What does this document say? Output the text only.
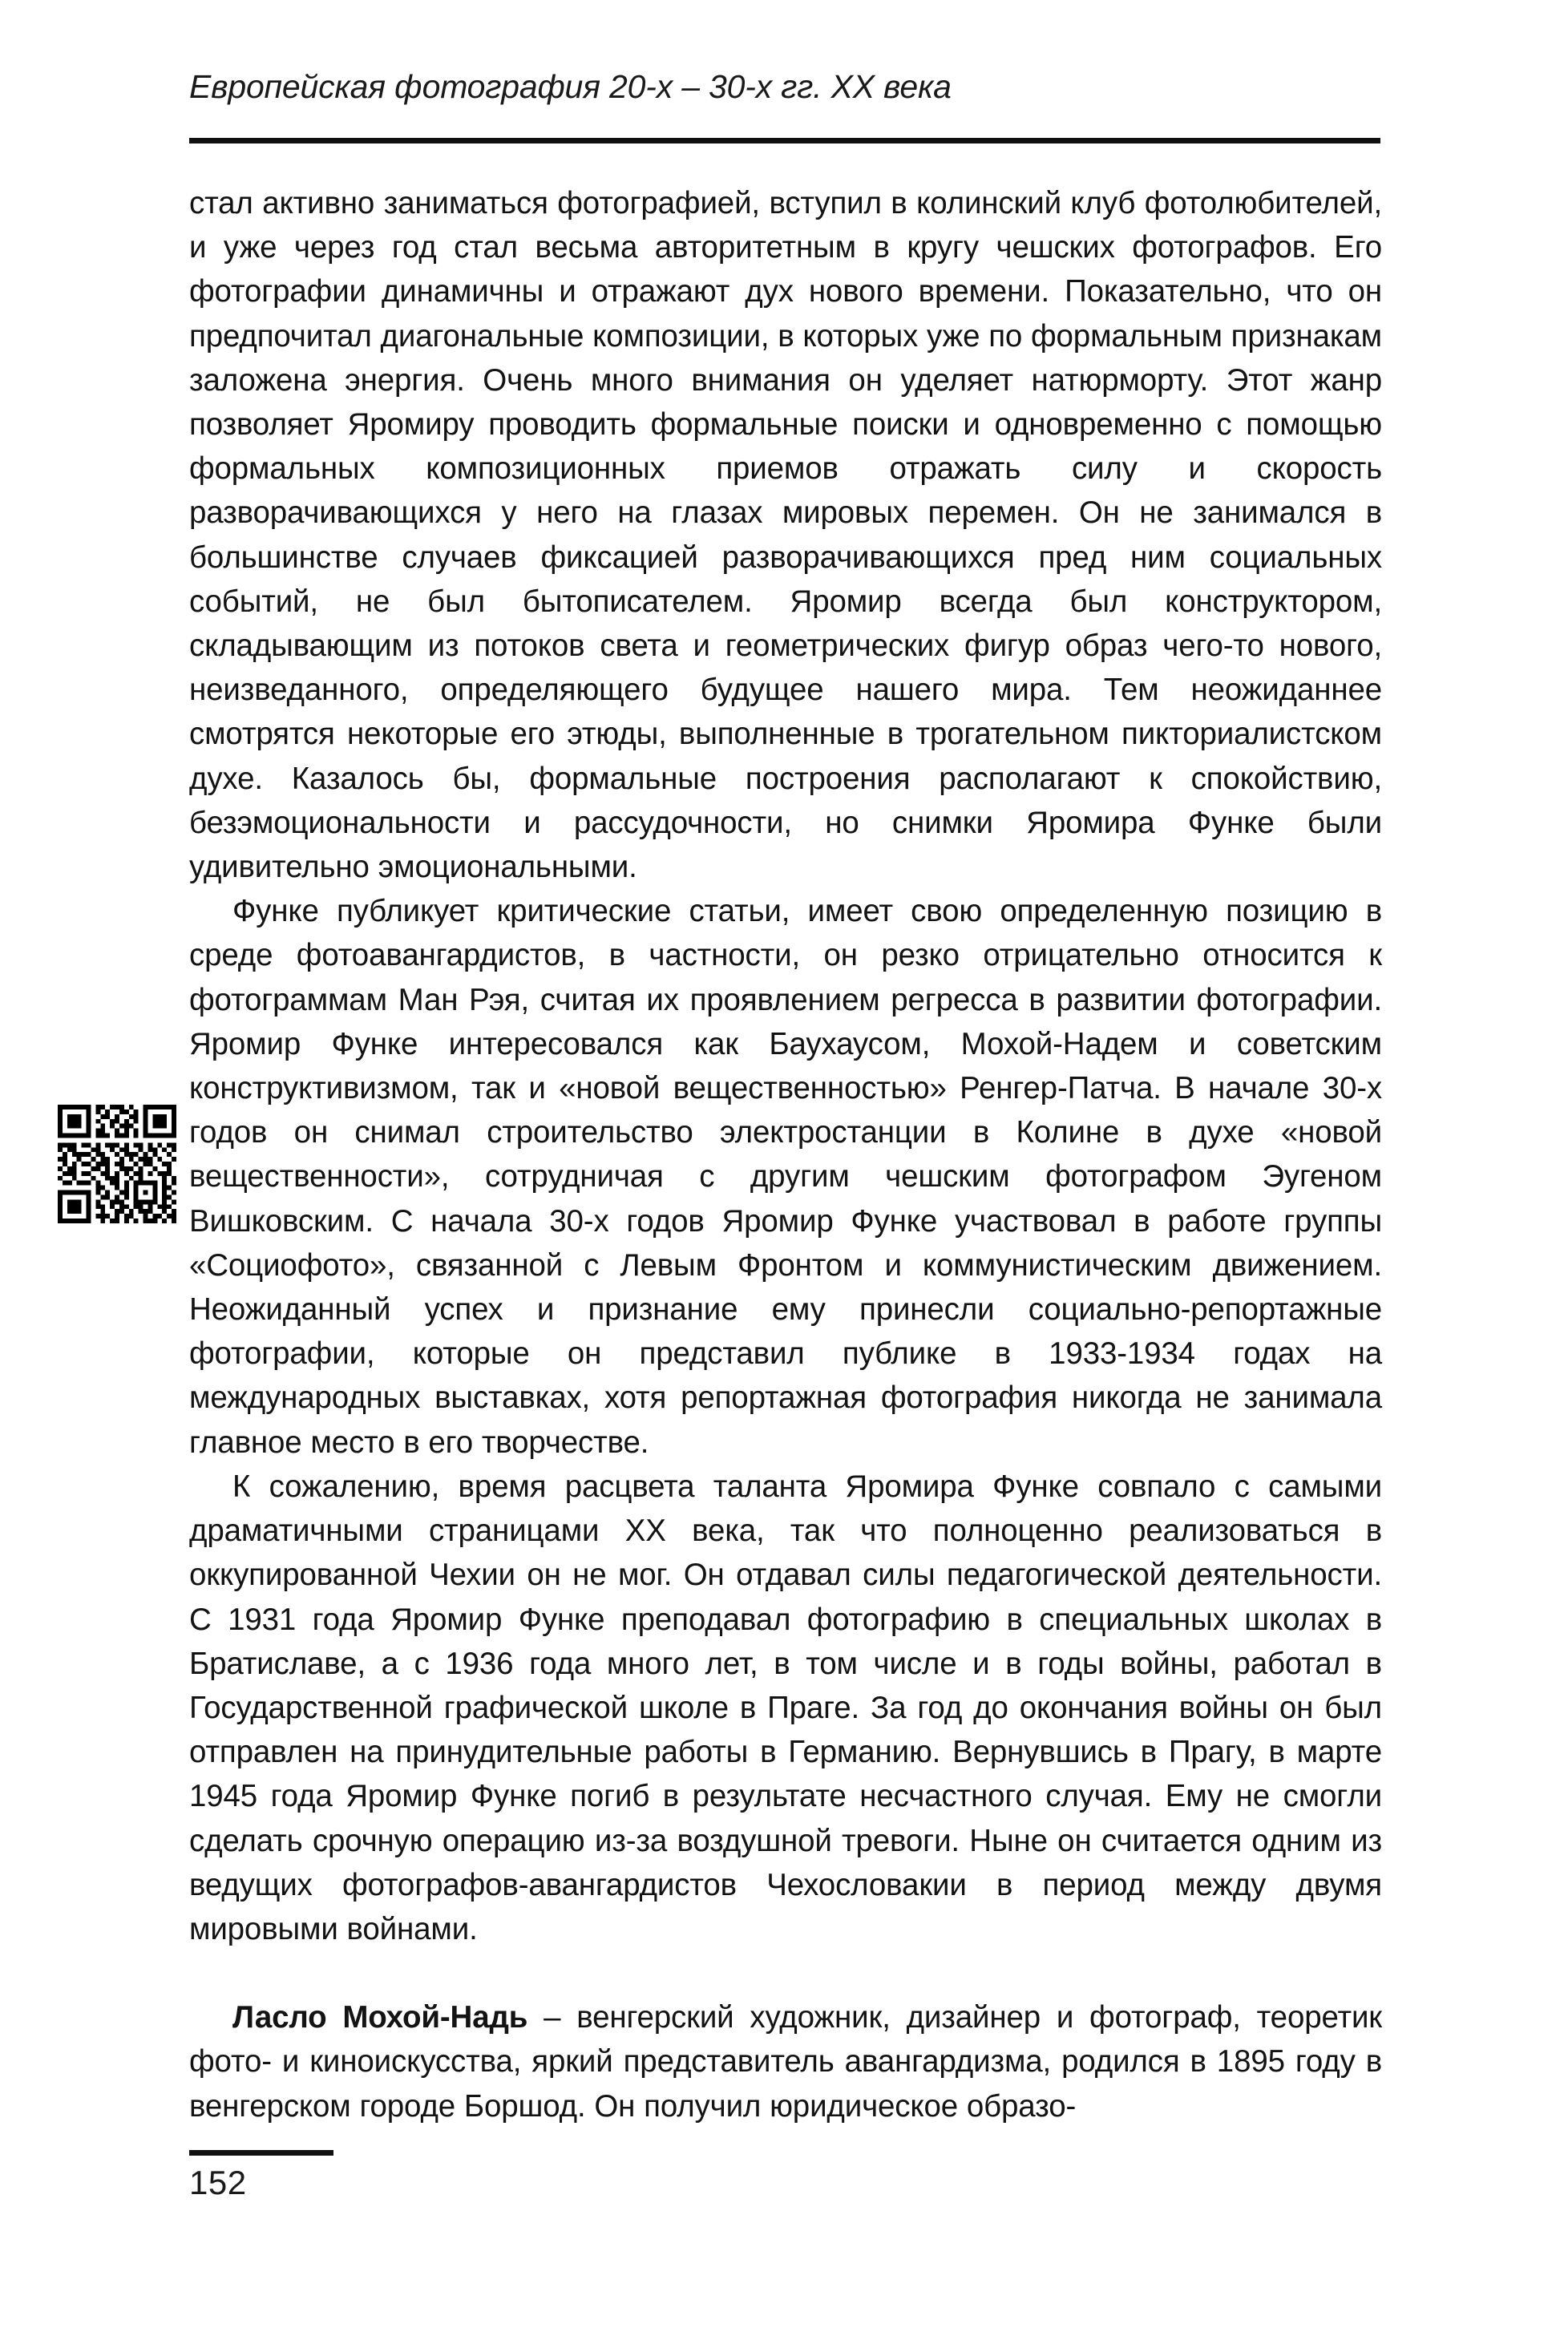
Европейская фотография 20-х – 30-х гг. XX века

стал активно заниматься фотографией, вступил в колинский клуб фотолюбителей, и уже через год стал весьма авторитетным в кругу чешских фотографов. Его фотографии динамичны и отражают дух нового времени. Показательно, что он предпочитал диагональные композиции, в которых уже по формальным признакам заложена энергия. Очень много внимания он уделяет натюрморту. Этот жанр позволяет Яромиру проводить формальные поиски и одновременно с помощью формальных композиционных приемов отражать силу и скорость разворачивающихся у него на глазах мировых перемен. Он не занимался в большинстве случаев фиксацией разворачивающихся пред ним социальных событий, не был бытописателем. Яромир всегда был конструктором, складывающим из потоков света и геометрических фигур образ чего-то нового, неизведанного, определяющего будущее нашего мира. Тем неожиданнее смотрятся некоторые его этюды, выполненные в трогательном пикториалистском духе. Казалось бы, формальные построения располагают к спокойствию, безэмоциональности и рассудочности, но снимки Яромира Функе были удивительно эмоциональными.

Функе публикует критические статьи, имеет свою определенную позицию в среде фотоавангардистов, в частности, он резко отрицательно относится к фотограммам Ман Рэя, считая их проявлением регресса в развитии фотографии. Яромир Функе интересовался как Баухаусом, Мохой-Надем и советским конструктивизмом, так и «новой вещественностью» Ренгер-Патча. В начале 30-х годов он снимал строительство электростанции в Колине в духе «новой вещественности», сотрудничая с другим чешским фотографом Эугеном Вишковским. С начала 30-х годов Яромир Функе участвовал в работе группы «Социофото», связанной с Левым Фронтом и коммунистическим движением. Неожиданный успех и признание ему принесли социально-репортажные фотографии, которые он представил публике в 1933-1934 годах на международных выставках, хотя репортажная фотография никогда не занимала главное место в его творчестве.

К сожалению, время расцвета таланта Яромира Функе совпало с самыми драматичными страницами XX века, так что полноценно реализоваться в оккупированной Чехии он не мог. Он отдавал силы педагогической деятельности. С 1931 года Яромир Функе преподавал фотографию в специальных школах в Братиславе, а с 1936 года много лет, в том числе и в годы войны, работал в Государственной графической школе в Праге. За год до окончания войны он был отправлен на принудительные работы в Германию. Вернувшись в Прагу, в марте 1945 года Яромир Функе погиб в результате несчастного случая. Ему не смогли сделать срочную операцию из-за воздушной тревоги. Ныне он считается одним из ведущих фотографов-авангардистов Чехословакии в период между двумя мировыми войнами.

Ласло Мохой-Надь – венгерский художник, дизайнер и фотограф, теоретик фото- и киноискусства, яркий представитель авангардизма, родился в 1895 году в венгерском городе Боршод. Он получил юридическое образо-

152
